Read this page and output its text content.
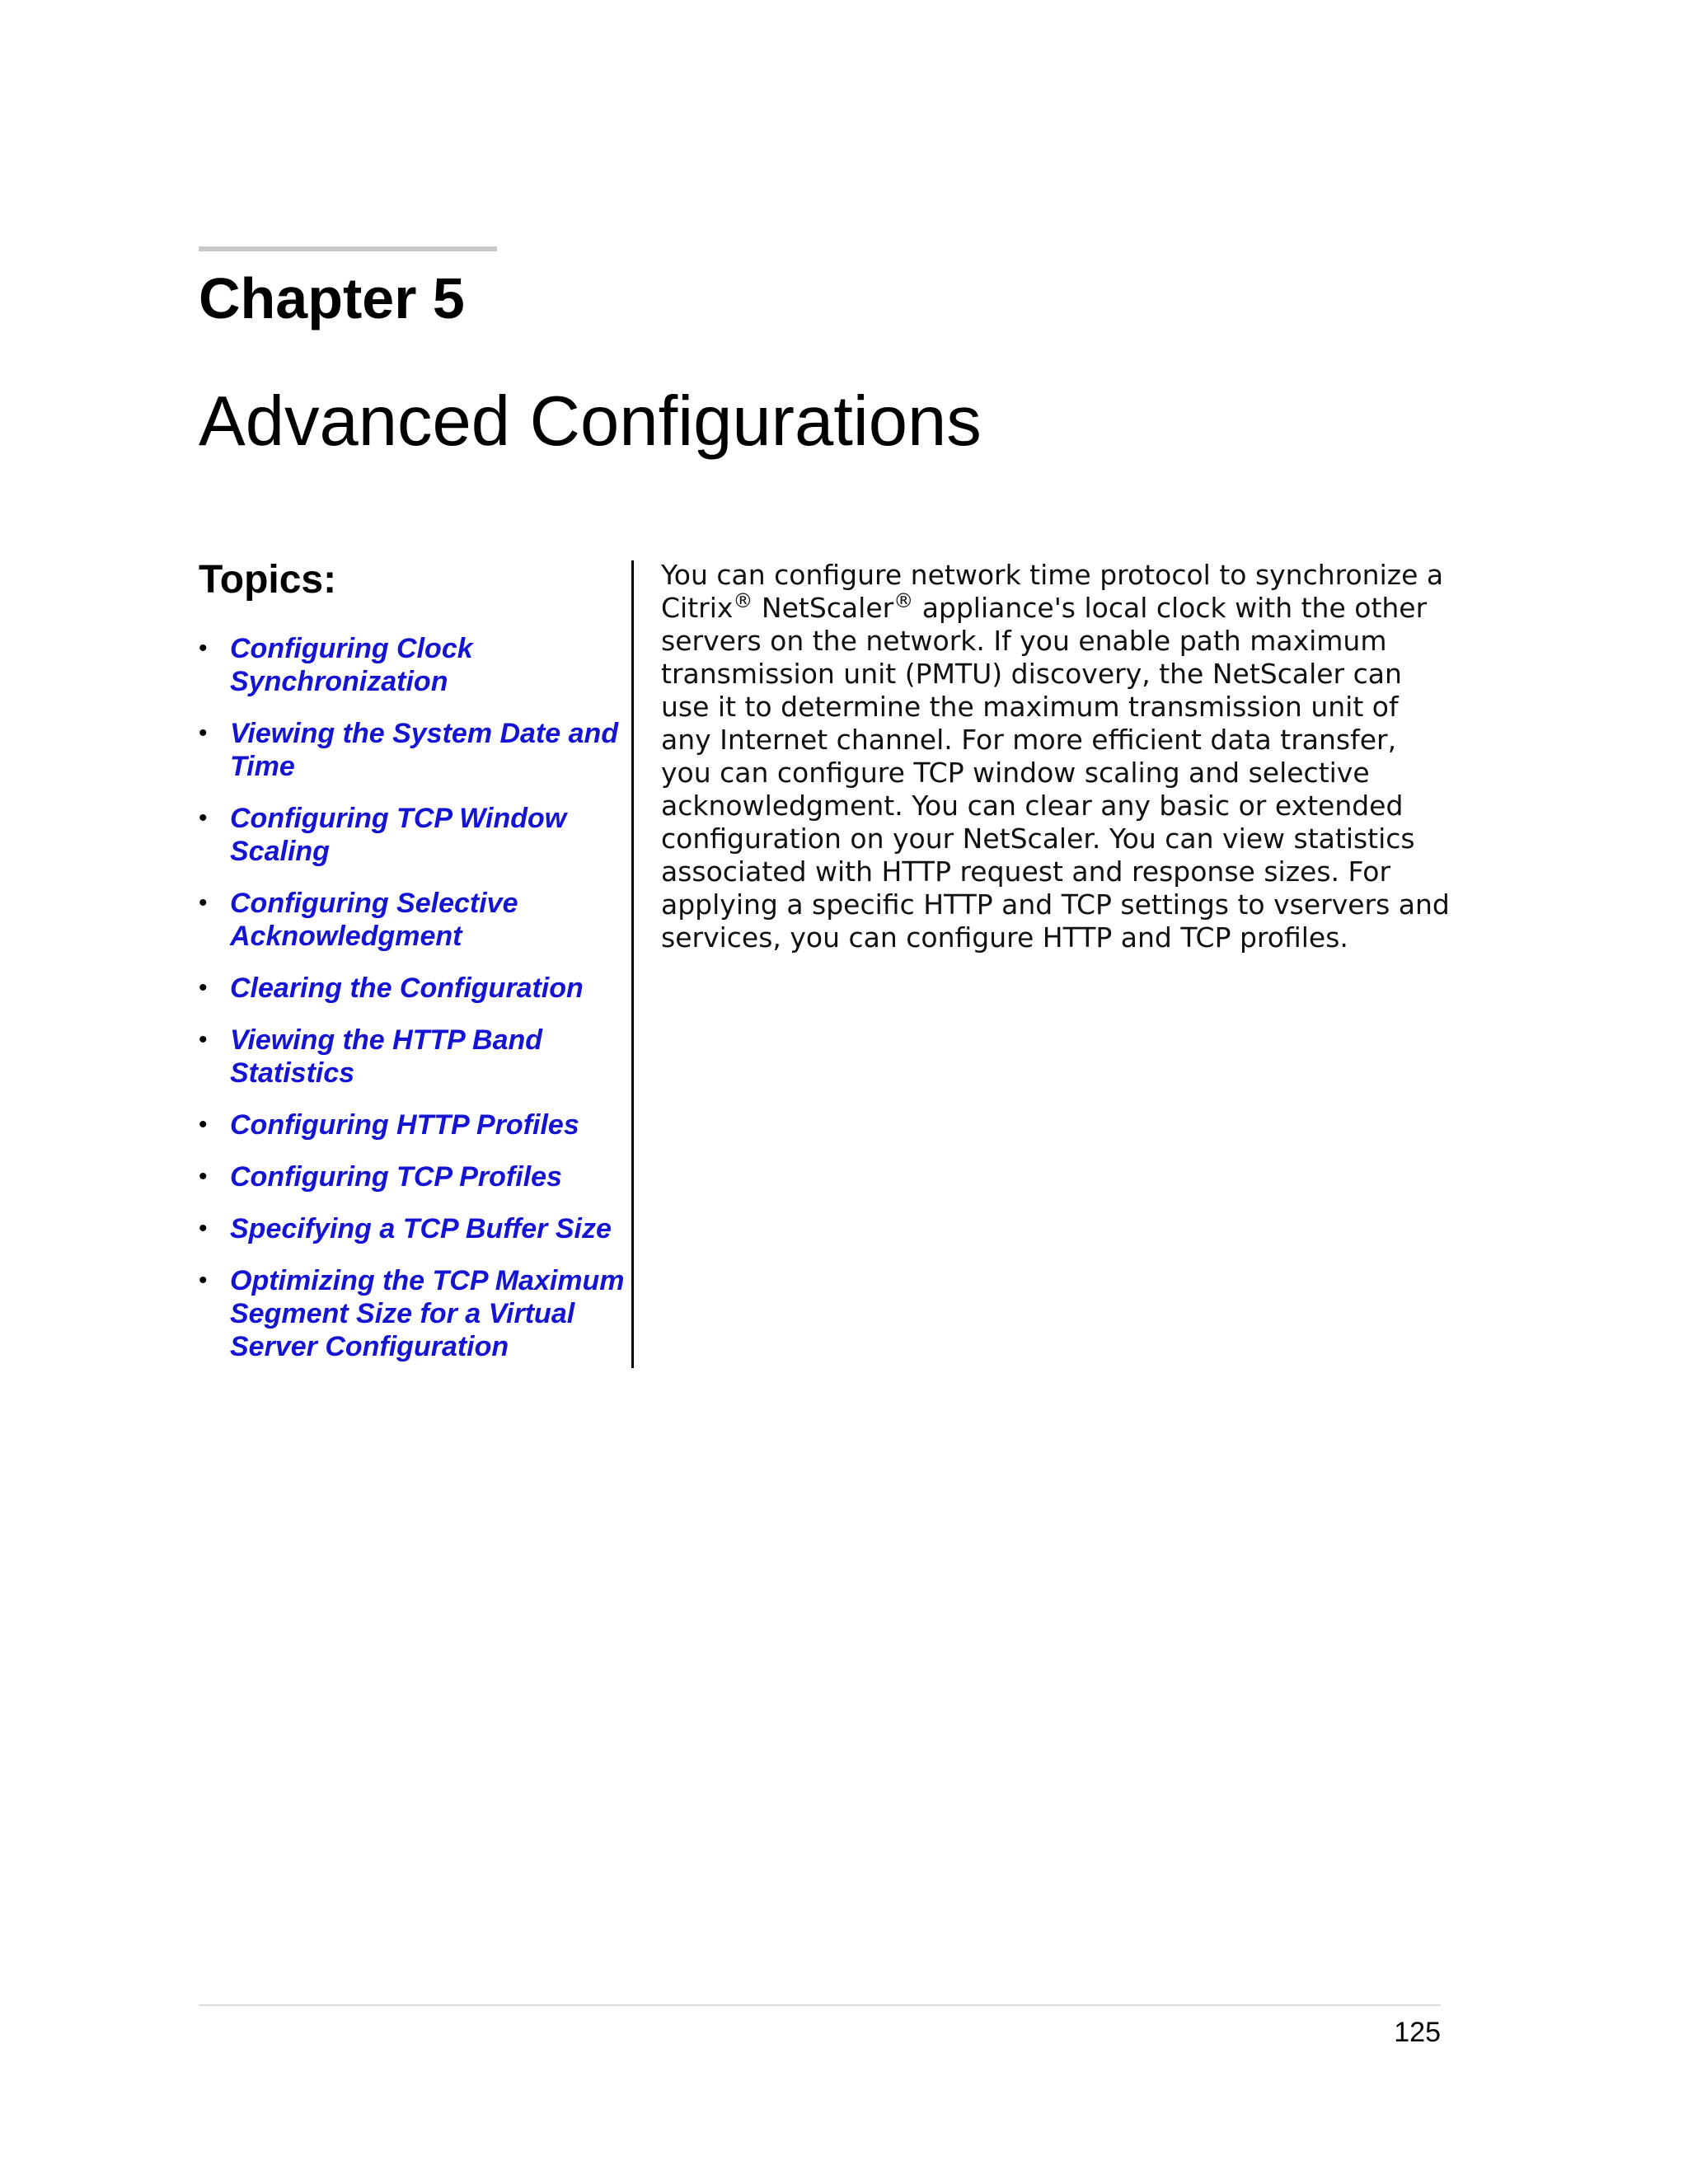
Chapter 5
Advanced Configurations
Topics:
• Configuring Clock Synchronization
• Viewing the System Date and Time
• Configuring TCP Window Scaling
• Configuring Selective Acknowledgment
• Clearing the Configuration
• Viewing the HTTP Band Statistics
• Configuring HTTP Profiles
• Configuring TCP Profiles
• Specifying a TCP Buffer Size
• Optimizing the TCP Maximum Segment Size for a Virtual Server Configuration

You can configure network time protocol to synchronize a Citrix® NetScaler® appliance's local clock with the other servers on the network. If you enable path maximum transmission unit (PMTU) discovery, the NetScaler can use it to determine the maximum transmission unit of any Internet channel. For more efficient data transfer, you can configure TCP window scaling and selective acknowledgment. You can clear any basic or extended configuration on your NetScaler. You can view statistics associated with HTTP request and response sizes. For applying a specific HTTP and TCP settings to vservers and services, you can configure HTTP and TCP profiles.

125
